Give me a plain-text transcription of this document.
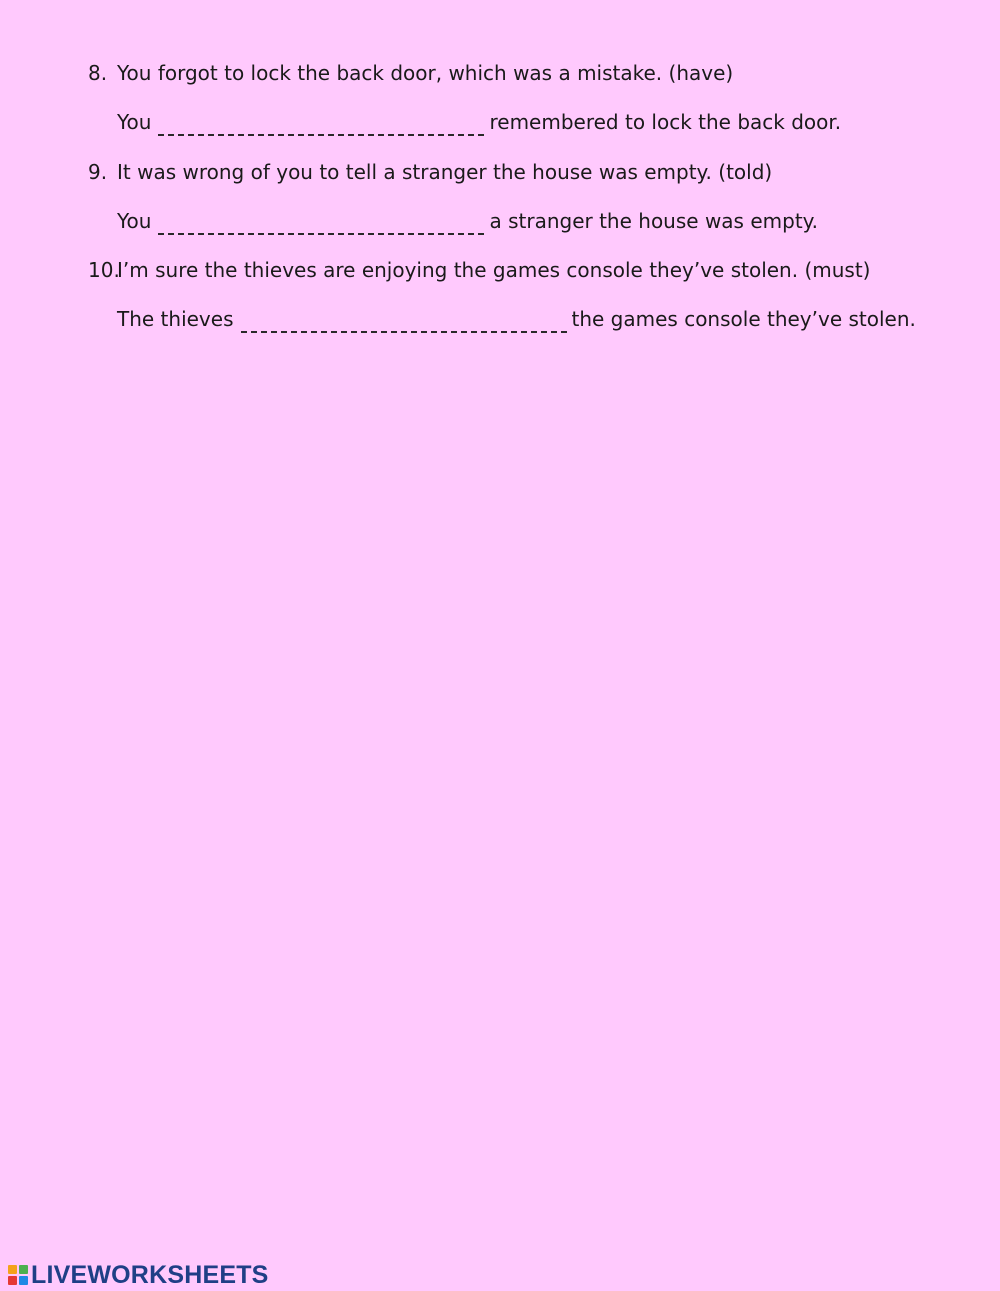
8. You forgot to lock the back door, which was a mistake. (have)
You	remembered to lock the back door.
9. It was wrong of you to tell a stranger the house was empty. (told)
You	a stranger the house was empty.
10.I’m sure the thieves are enjoying the games console they’ve stolen. (must)
The thieves	the games console they’ve stolen.
LIVEWORKSHEETS
